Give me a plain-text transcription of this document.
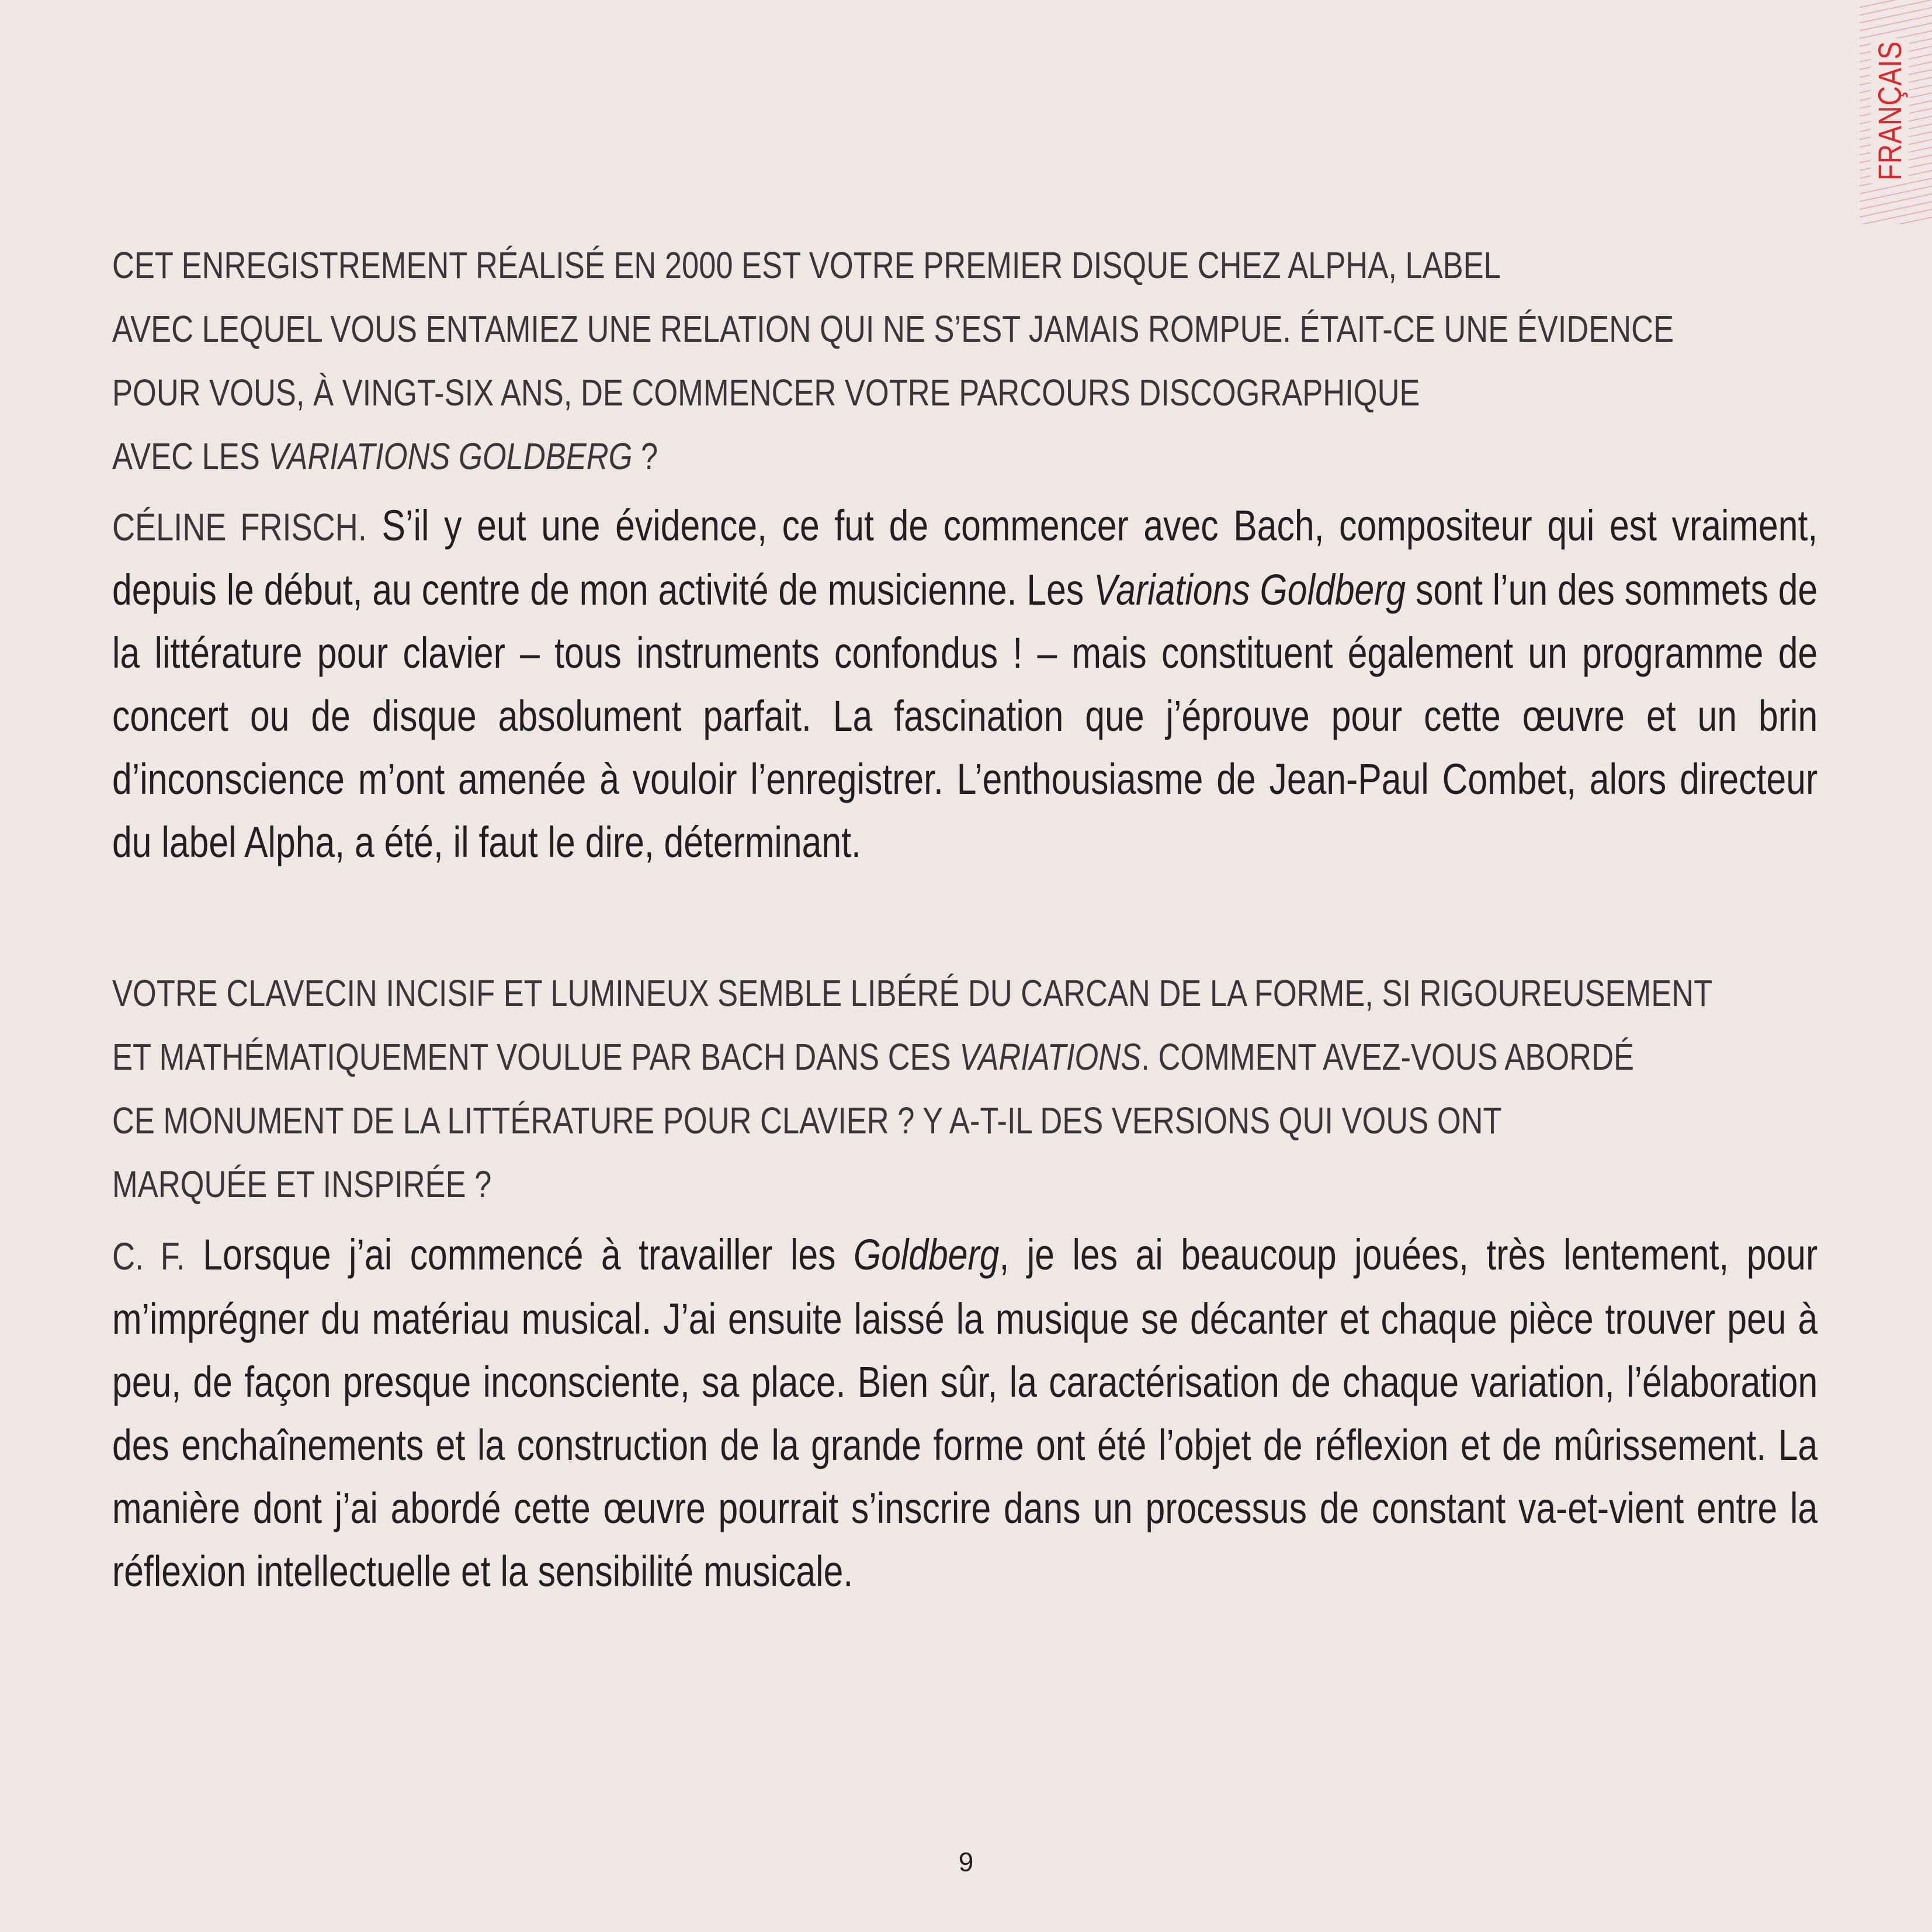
FRANÇAIS
CET ENREGISTREMENT RÉALISÉ EN 2000 EST VOTRE PREMIER DISQUE CHEZ ALPHA, LABEL
AVEC LEQUEL VOUS ENTAMIEZ UNE RELATION QUI NE S’EST JAMAIS ROMPUE. ÉTAIT-CE UNE ÉVIDENCE
POUR VOUS, À VINGT-SIX ANS, DE COMMENCER VOTRE PARCOURS DISCOGRAPHIQUE
AVEC LES VARIATIONS GOLDBERG ?

CÉLINE FRISCH. S’il y eut une évidence, ce fut de commencer avec Bach, compositeur qui est vraiment, depuis le début, au centre de mon activité de musicienne. Les Variations Goldberg sont l’un des sommets de la littérature pour clavier – tous instruments confondus ! – mais constituent également un programme de concert ou de disque absolument parfait. La fascination que j’éprouve pour cette œuvre et un brin d’inconscience m’ont amenée à vouloir l’enregistrer. L’enthousiasme de Jean-Paul Combet, alors directeur du label Alpha, a été, il faut le dire, déterminant.

VOTRE CLAVECIN INCISIF ET LUMINEUX SEMBLE LIBÉRÉ DU CARCAN DE LA FORME, SI RIGOUREUSEMENT
ET MATHÉMATIQUEMENT VOULUE PAR BACH DANS CES VARIATIONS. COMMENT AVEZ-VOUS ABORDÉ
CE MONUMENT DE LA LITTÉRATURE POUR CLAVIER ? Y A-T-IL DES VERSIONS QUI VOUS ONT
MARQUÉE ET INSPIRÉE ?

C. F. Lorsque j’ai commencé à travailler les Goldberg, je les ai beaucoup jouées, très lentement, pour m’imprégner du matériau musical. J’ai ensuite laissé la musique se décanter et chaque pièce trouver peu à peu, de façon presque inconsciente, sa place. Bien sûr, la caractérisation de chaque variation, l’élaboration des enchaînements et la construction de la grande forme ont été l’objet de réflexion et de mûrissement. La manière dont j’ai abordé cette œuvre pourrait s’inscrire dans un processus de constant va-et-vient entre la réflexion intellectuelle et la sensibilité musicale.

9
